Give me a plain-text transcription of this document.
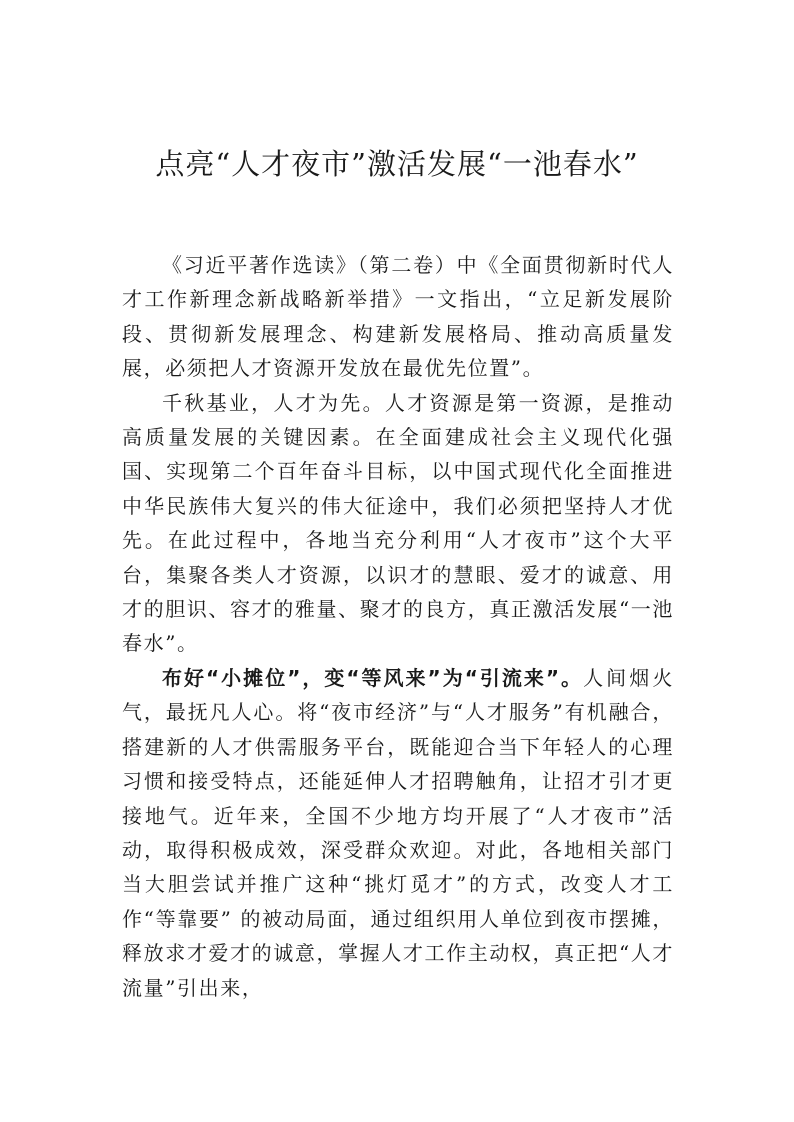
点亮“人才夜市”激活发展“一池春水”

《习近平著作选读》（第二卷）中《全面贯彻新时代人才工作新理念新战略新举措》一文指出，“立足新发展阶段、贯彻新发展理念、构建新发展格局、推动高质量发展，必须把人才资源开发放在最优先位置”。

千秋基业，人才为先。人才资源是第一资源，是推动高质量发展的关键因素。在全面建成社会主义现代化强国、实现第二个百年奋斗目标，以中国式现代化全面推进中华民族伟大复兴的伟大征途中，我们必须把坚持人才优先。在此过程中，各地当充分利用“人才夜市”这个大平台，集聚各类人才资源，以识才的慧眼、爱才的诚意、用才的胆识、容才的雅量、聚才的良方，真正激活发展“一池春水”。

布好“小摊位”，变“等风来”为“引流来”。人间烟火气，最抚凡人心。将“夜市经济”与“人才服务”有机融合， 搭建新的人才供需服务平台，既能迎合当下年轻人的心理习惯和接受特点，还能延伸人才招聘触角，让招才引才更接地气。近年来，全国不少地方均开展了“人才夜市”活动，取得积极成效，深受群众欢迎。对此，各地相关部门当大胆尝试并推广这种“挑灯觅才”的方式，改变人才工作“等靠要” 的被动局面，通过组织用人单位到夜市摆摊，释放求才爱才的诚意，掌握人才工作主动权，真正把“人才流量”引出来，
